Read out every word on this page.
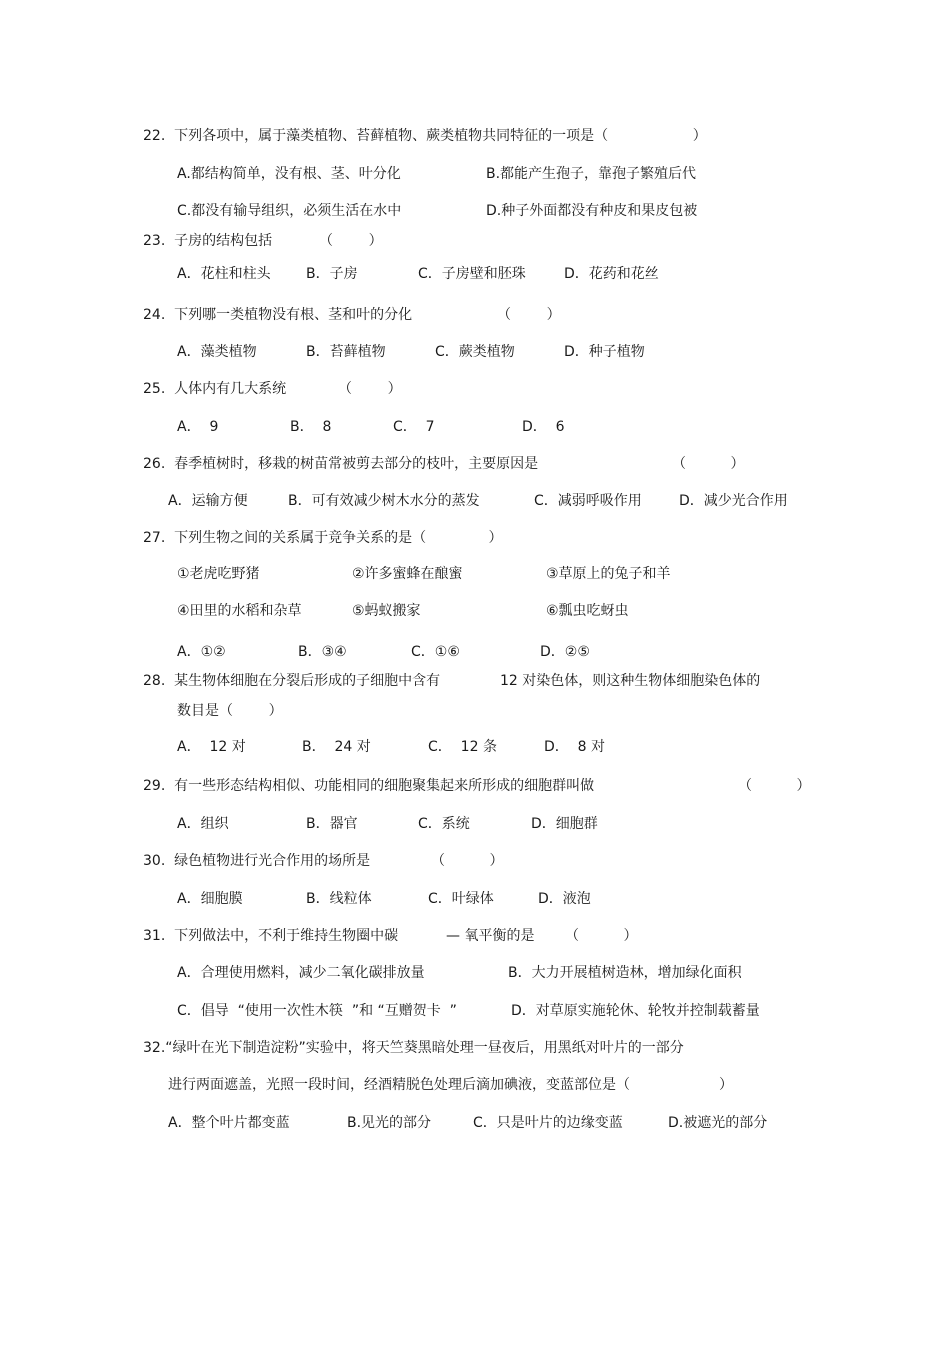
22.  下列各项中，属于藻类植物、苔藓植物、蕨类植物共同特征的一项是（                   ）
A.都结构简单，没有根、茎、叶分化	B.都能产生孢子，靠孢子繁殖后代
C.都没有输导组织，必须生活在水中	D.种子外面都没有种皮和果皮包被
23.  子房的结构包括	（        ）
A．花柱和柱头	B．子房	C．子房壁和胚珠	D．花药和花丝
24.  下列哪一类植物没有根、茎和叶的分化	（        ）
A．藻类植物	B．苔藓植物	C．蕨类植物	D．种子植物
25.  人体内有几大系统	（        ）
A．  9	B．  8	C．  7	D．  6
26.  春季植树时，移栽的树苗常被剪去部分的枝叶，主要原因是	（          ）
A．运输方便	B．可有效减少树木水分的蒸发	C．减弱呼吸作用	D．减少光合作用
27.  下列生物之间的关系属于竞争关系的是（              ）
①老虎吃野猪	②许多蜜蜂在酿蜜	③草原上的兔子和羊
④田里的水稻和杂草	⑤蚂蚁搬家	⑥瓢虫吃蚜虫
A．①②	B．③④	C．①⑥	D．②⑤
28.  某生物体细胞在分裂后形成的子细胞中含有	12 对染色体，则这种生物体细胞染色体的
数目是（        ）
A．  12 对	B．  24 对	C．  12 条	D．  8 对
29.  有一些形态结构相似、功能相同的细胞聚集起来所形成的细胞群叫做	（          ）
A．组织	B．器官	C．系统	D．细胞群
30.  绿色植物进行光合作用的场所是	（          ）
A．细胞膜	B．线粒体	C．叶绿体	D．液泡
31.  下列做法中，不利于维持生物圈中碳	— 氧平衡的是 （          ）
A．合理使用燃料，减少二氧化碳排放量	B．大力开展植树造林，增加绿化面积
C．倡导  “使用一次性木筷  ”和 “互赠贺卡  ”	D．对草原实施轮休、轮牧并控制载蓄量
32.“绿叶在光下制造淀粉”实验中，将天竺葵黑暗处理一昼夜后，用黑纸对叶片的一部分
进行两面遮盖，光照一段时间，经酒精脱色处理后滴加碘液，变蓝部位是（                    ）
A．整个叶片都变蓝	B.见光的部分	C．只是叶片的边缘变蓝	D.被遮光的部分
